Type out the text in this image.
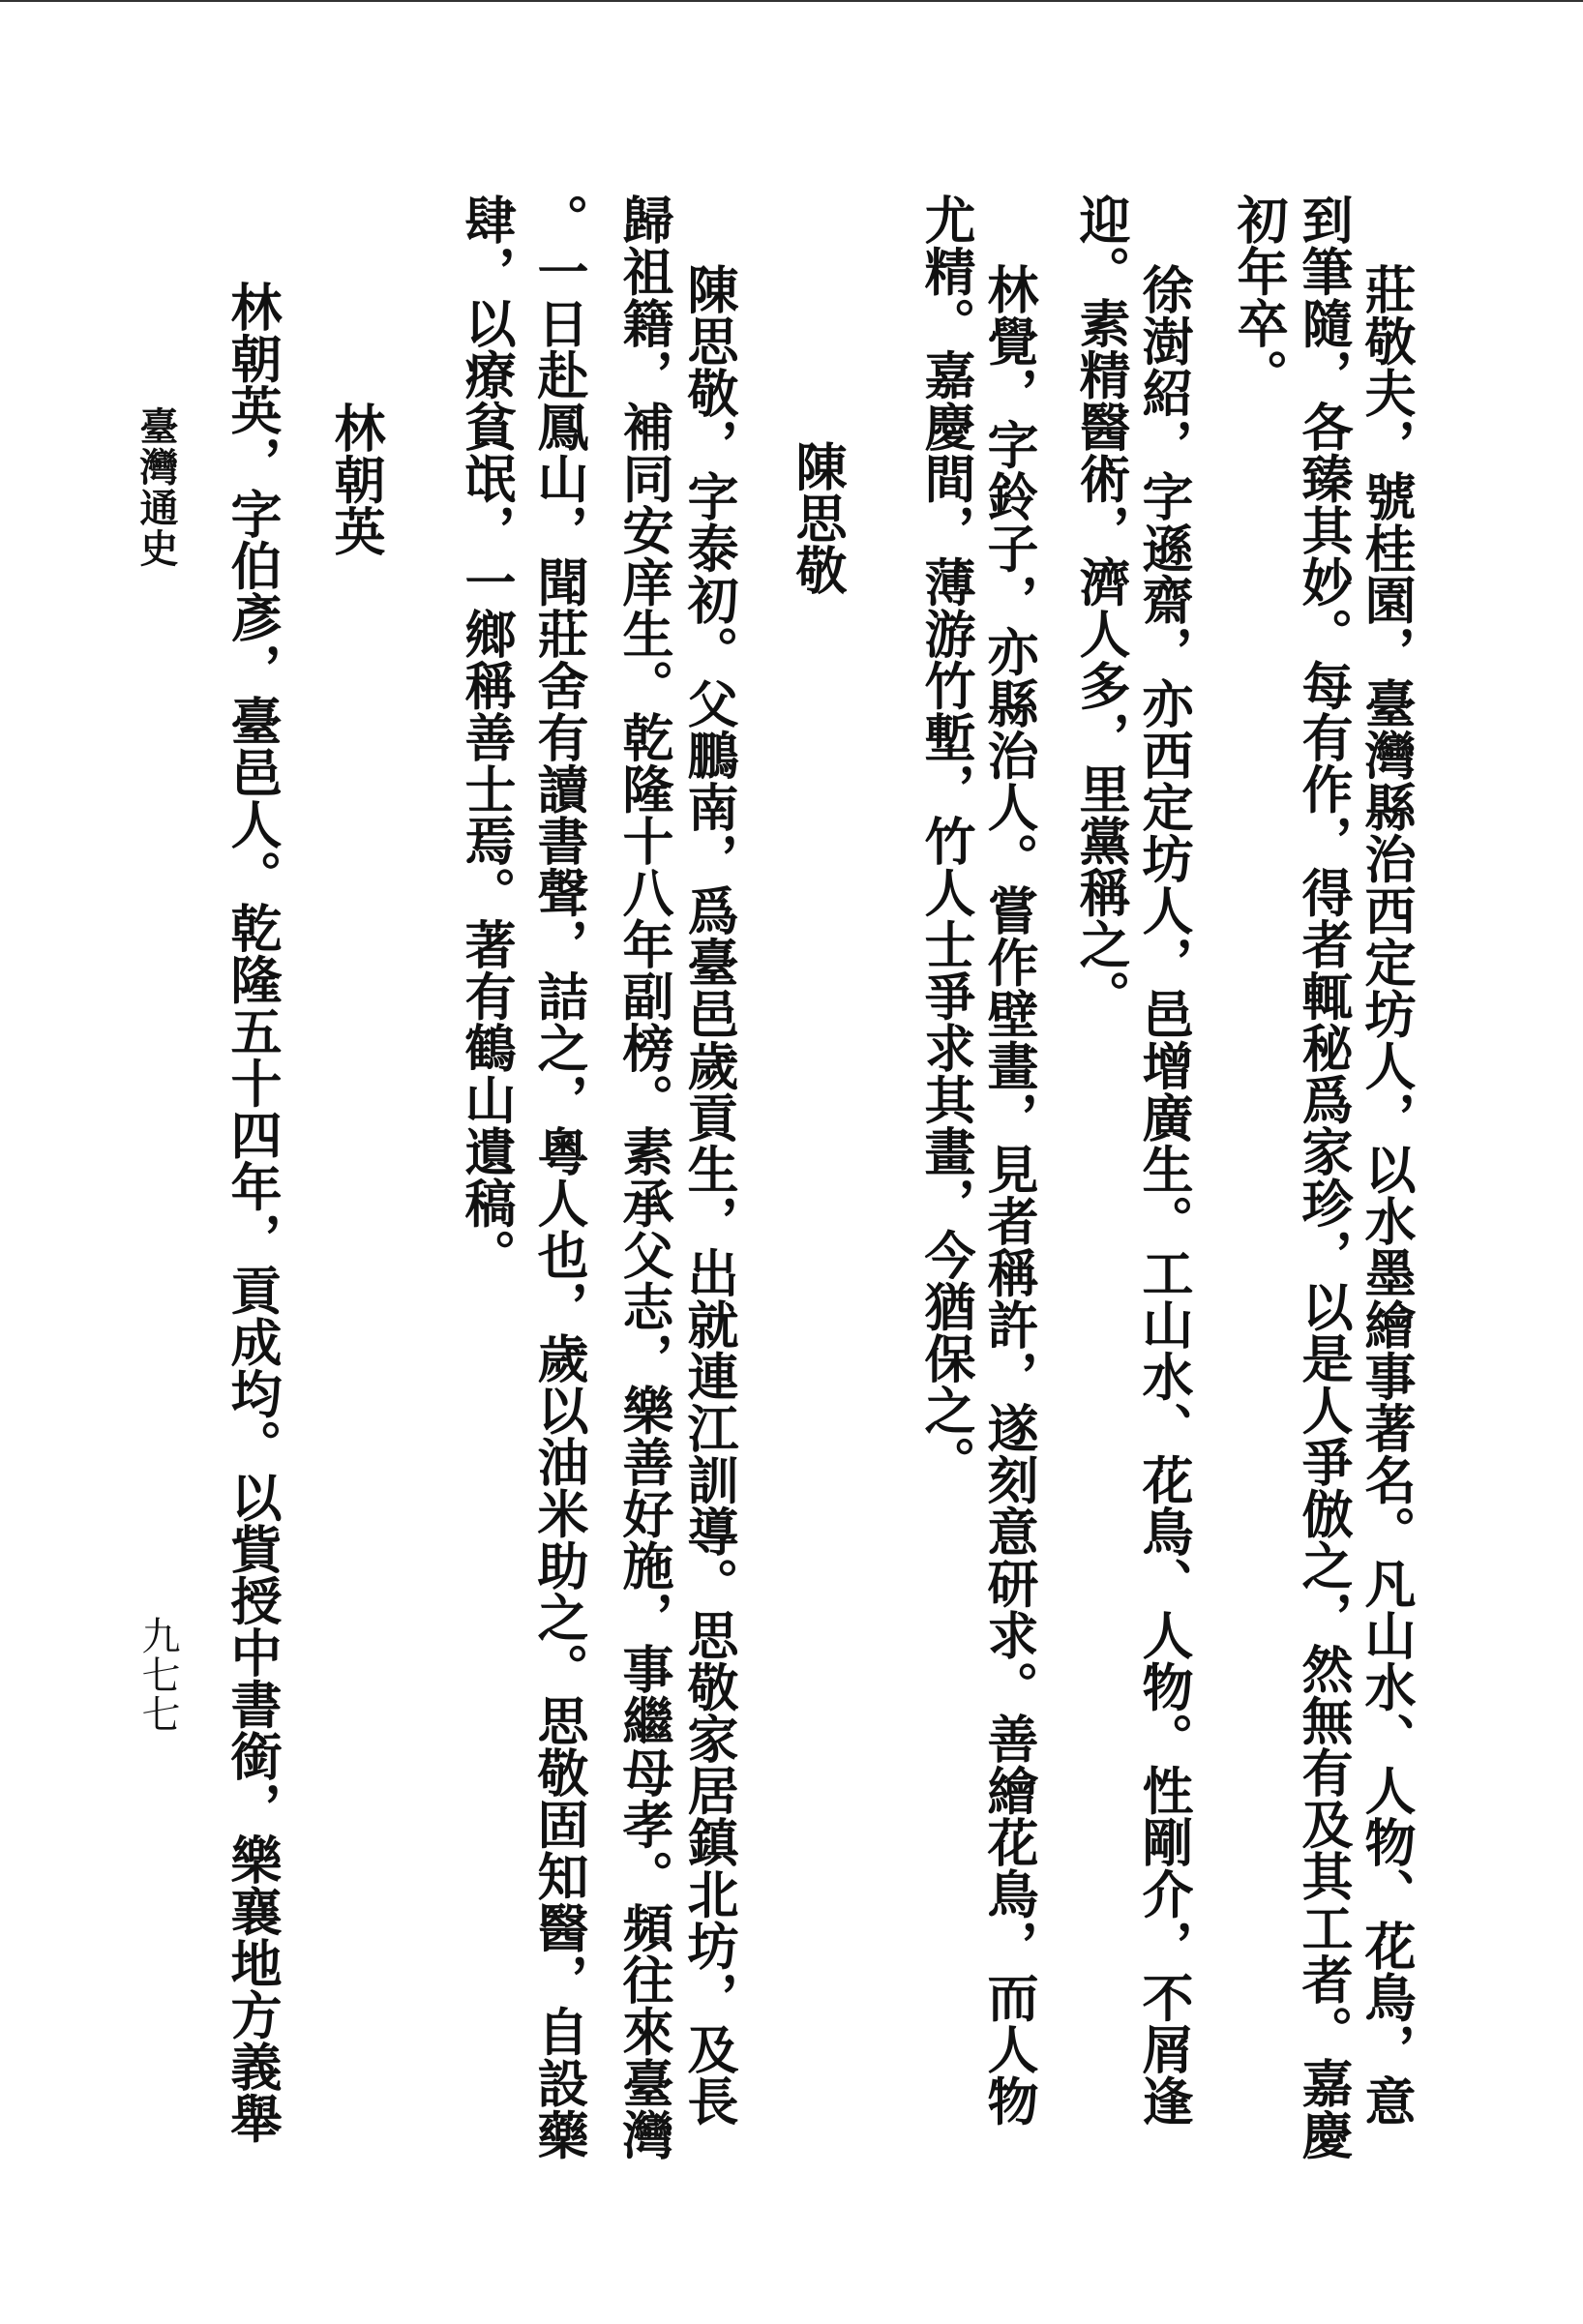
莊敬夫，號桂園，臺灣縣治西定坊人，以水墨繪事著名。凡山水、人物、花鳥，意
到筆隨，各臻其妙。每有作，得者輒秘爲家珍，以是人爭倣之，然無有及其工者。嘉慶
初年卒。
徐澍紹，字遜齋，亦西定坊人，邑增廣生。工山水、花鳥、人物。性剛介，不屑逢
迎。素精醫術，濟人多，里黨稱之。
林覺，字鈴子，亦縣治人。嘗作壁畫，見者稱許，遂刻意研求。善繪花鳥，而人物
尤精。嘉慶間，薄游竹塹，竹人士爭求其畫，今猶保之。
陳思敬
陳思敬，字泰初。父鵬南，爲臺邑歲貢生，出就連江訓導。思敬家居鎮北坊，及長
歸祖籍，補同安庠生。乾隆十八年副榜。素承父志，樂善好施，事繼母孝。頻往來臺灣
。一日赴鳳山，聞莊舍有讀書聲，詰之，粵人也，歲以油米助之。思敬固知醫，自設藥
肆，以療貧氓，一鄉稱善士焉。著有鶴山遺稿。
林朝英
林朝英，字伯彥，臺邑人。乾隆五十四年，貢成均。以貲授中書銜，樂襄地方義舉
臺灣通史
九七七
